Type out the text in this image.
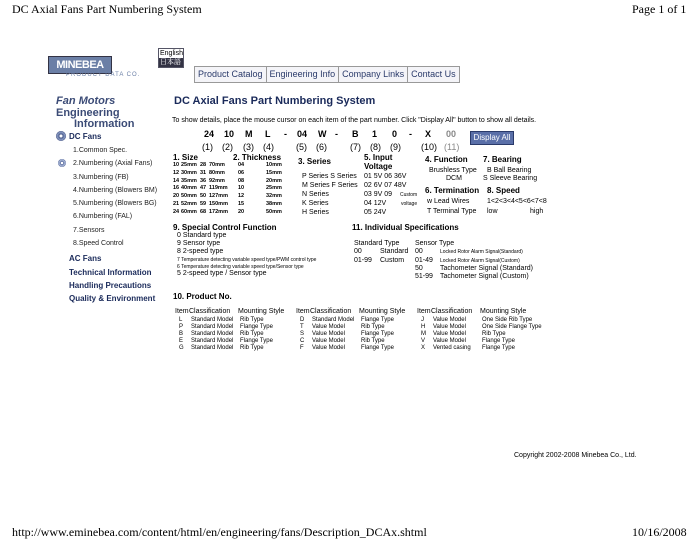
DC Axial Fans Part Numbering System	Page 1 of 1
http://www.eminebea.com/content/html/en/engineering/fans/Description_DCAx.shtml	10/16/2008
MINEBEA
PRODUCT DATA CO.
English
日本語
Product Catalog Engineering Info Company Links Contact Us
Fan Motors
Engineering
Information
DC Fans
1.Common Spec.
2.Numbering (Axial Fans)
3.Numbering (FB)
4.Numbering (Blowers BM)
5.Numbering (Blowers BG)
6.Numbering (FAL)
7.Sensors
8.Speed Control
AC Fans
Technical Information
Handling Precautions
Quality & Environment
DC Axial Fans Part Numbering System
To show details, place the mouse cursor on each item of the part number. Click "Display All" button to show all details.
24 10 M L - 04 W - B 1 0 - X 00
(1) (2) (3) (4) (5) (6)	(7) (8) (9) (10) (11)
Display All
1. Size
10 25mm 28 70mm
12 30mm 31 80mm
14 35mm 36 92mm
16 40mm 47 119mm
20 50mm 50 127mm
21 52mm 59 150mm
24 60mm 68 172mm
2. Thickness
04	10mm
06	15mm
08	20mm
10	25mm
12	32mm
15	38mm
20	50mm
3. Series
P Series S Series
M Series F Series
N Series
K Series
H Series
5. Input
Voltage
01 5V 06 36V
02 6V 07 48V
03 9V 09 Custom
04 12V	voltage
05 24V
4. Function
Brushless Type
DCM
7. Bearing
B Ball Bearing
S Sleeve Bearing
6. Termination
w Lead Wires
T Terminal Type
8. Speed
1<2<3<4<5<6<7<8
low	high
9. Special Control Function
0 Standard type
9 Sensor type
8 2-speed type
7 Temperature detecting variable speed type/PWM control type
6 Temperature detecting variable speed type/Sensor type
5 2-speed type / Sensor type
11. Individual Specifications
Standard Type
00	Standard
01-99 Custom
Sensor Type
00	Locked Rotor Alarm Signal(Standard)
01-49 Locked Rotor Alarm Signal(Custom)
50 Tachometer Signal (Standard)
51-99 Tachometer Signal (Custom)
10. Product No.
Item Classification Mounting Style
L Standard Model Rib Type
P Standard Model Flange Type
B Standard Model Rib Type
E Standard Model Flange Type
G Standard Model Rib Type
Item Classification Mounting Style
D Standard Model Flange Type
T Value Model	Rib Type
S Value Model	Flange Type
C Value Model	Rib Type
F Value Model	Flange Type
Item Classification Mounting Style
J Value Model	One Side Rib Type
H Value Model	One Side Flange Type
M Value Model	Rib Type
V Value Model	Flange Type
X Vented casing Flange Type
Copyright 2002-2008 Minebea Co., Ltd.
